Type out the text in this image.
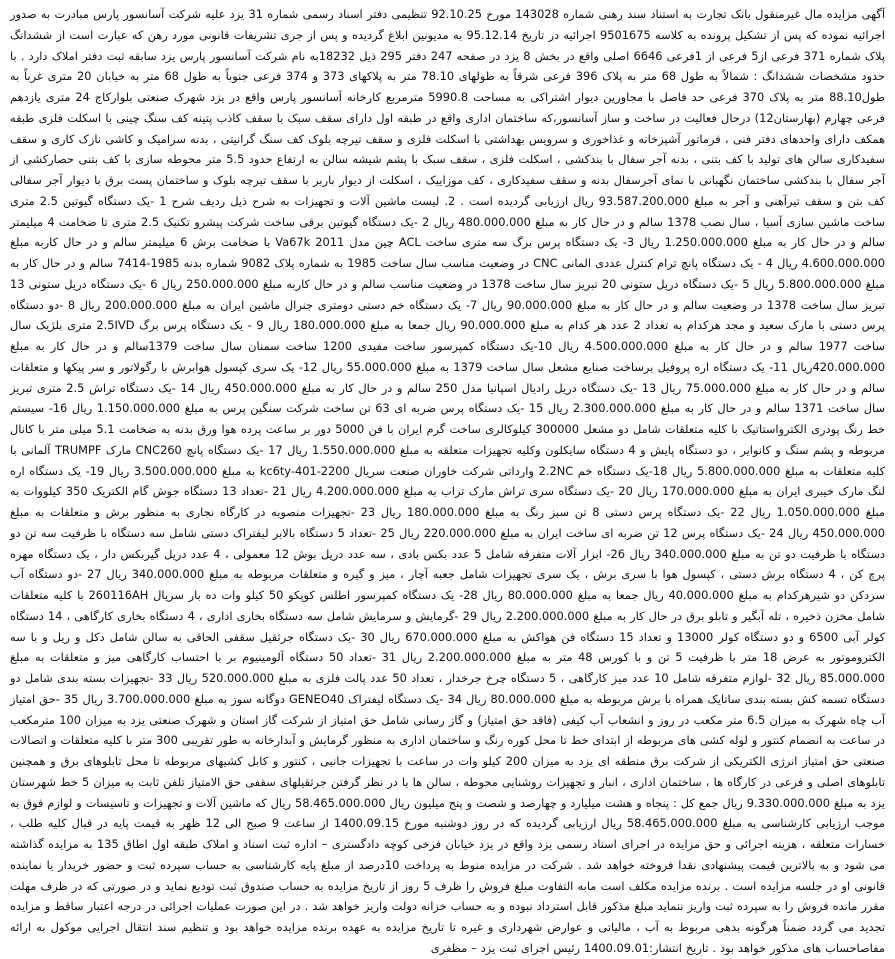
آگهی مزایده مال غیرمنقول بانک تجارت به استناد سند رهنی شماره 143028 مورخ 92.10.25 تنظیمی دفتر اسناد رسمی شماره 31 یزد علیه شرکت آسانسور پارس مبادرت به صدور اجرائیه نموده که پس از تشکیل پرونده به کلاسه 9501675 اجرائیه در تاریخ 95.12.14 به مدیونین ابلاغ گردیده و پس از جری تشریفات قانونی مورد رهن که عبارت است از ششدانگ پلاک شماره 371 فرعی از5 فرعی از 1فرعی 6646 اصلی واقع در بخش 8 یزد در صفحه 247 دفتر 295 ذیل 18232به نام شرکت آسانسور پارس یزد سابقه ثبت دفتر املاک دارد . با حدود مشخصات ششدانگ : شمالاً به طول 68 متر به پلاک 396 فرعی شرقاً به طولهای 78.10 متر به پلاکهای 373 و 374 فرعی جنوباً به طول 68 متر به خیابان 20 متری غرباً به طول88.10 متر به پلاک 370 فرعی حد فاصل با مجاورین دیوار اشتراکی به مساحت 5990.8 مترمربع کارخانه آسانسور پارس واقع در یزد شهرک صنعتی بلوارکاج 24 متری یازدهم فرعی چهارم (بهارستان12) درحال فعالیت در ساخت و ساز آسانسور،که ساختمان اداری واقع در طبقه اول دارای سقف سبک با سقف کاذب پتینه کف سنگ چینی با اسکلت فلزی طبقه همکف دارای واحدهای دفتر فنی ، فرماتور آشپزخانه و غذاخوری و سرویس بهداشتی با اسکلت فلزی و سقف تیرچه بلوک کف سنگ گرانیتی ، بدنه سرامیک و کاشی نازک کاری و سقف سفیدکاری سالن های تولید با کف بتنی ، بدنه آجر سفال با بندکشی ، اسکلت فلزی ، سقف سبک با پشم شیشه سالن به ارتفاع حدود 5.5 متر محوطه سازی با کف بتنی حصارکشی از آجر سفال با بندکشی ساختمان نگهبانی با نمای آجرسفال بدنه و سقف سفیدکاری ، کف موزاییک ، اسکلت از دیوار باربر با سقف تیرچه بلوک و ساختمان پست برق با دیوار آجر سفالی کف بتن و سقف تیرآهنی و آجر به مبلغ 93.587.200.000 ریال ارزیابی گردیده است . 2. لیست ماشین آلات و تجهیزات به شرح ذیل ردیف شرح 1 -یک دستگاه گیوتین 2.5 متری ساخت ماشین سازی آسیا ، سال نصب 1378 سالم و در حال کار به مبلغ 480.000.000 ریال 2 -یک دستگاه گیوتین برقی ساخت شرکت پیشرو تکنیک 2.5 متری تا ضخامت 4 میلیمتر سالم و در حال کار به مبلغ 1.250.000.000 ریال 3- یک دستگاه پرس برگ سه متری ساخت ACL چین مدل Va67k 2011 با ضخامت برش 6 میلیمتر سالم و در حال کاربه مبلغ 4.600.000.000 ریال 4 - یک دستگاه پانچ ترام کنترل عددی المانی CNC در وضعیت مناسب سال ساخت 1985 به شماره پلاک 9082 شماره بدنه 1985-7414 سالم و در حال کار به مبلغ 5.800.000.000 ریال 5 -یک دستگاه دریل ستونی 20 تبریز سال ساخت 1378 در وضعیت مناسب سالم و در حال کاربه مبلغ 250.000.000 ریال 6 -یک دستگاه دریل ستونی 13 تبریز سال ساخت 1378 در وضعیت سالم و در حال کار به مبلغ 90.000.000 ریال 7- یک دستگاه خم دستی دومتری جنرال ماشین ایران به مبلغ 200.000.000 ریال 8 -دو دستگاه پرس دستی با مارک سعید و مجد هرکدام به تعداد 2 عدد هر کدام به مبلغ 90.000.000 ریال جمعا به مبلغ 180.000.000 ریال 9 - یک دستگاه پرس برگ 2.5IVD متری بلژیک سال ساخت 1977 سالم و در حال کار به مبلغ 4.500.000.000 ریال 10-یک دستگاه کمپرسور ساخت مفیدی 1200 ساخت سمنان سال ساخت 1379سالم و در حال کار به مبلغ 420.000.000ریال 11- یک دستگاه اره پروفیل برساخت صنایع مشعل سال ساخت 1379 به مبلغ 55.000.000 ریال 12- یک سری کپسول هوابرش با رگولاتور و سر پیکها و متعلقات سالم و در حال کار به مبلغ 75.000.000 ریال 13 -یک دستگاه دریل رادیال اسپانیا مدل 250 سالم و در حال کار به مبلغ 450.000.000 ریال 14 -یک دستگاه تراش 2.5 متری تبریز سال ساخت 1371 سالم و در حال کار به مبلغ 2.300.000.000 ریال 15 -یک دستگاه پرس ضربه ای 63 تن ساخت شرکت سنگین پرس به مبلغ 1.150.000.000 ریال 16- سیستم خط رنگ پودری الکترواستاتیک با کلیه متعلقات شامل دو مشعل 300000 کیلوکالری ساخت گرم ایران با فن 5000 دور بر ساعت پرده هوا ورق بدنه به ضخامت 5.1 میلی متر با کانال مربوطه و پشم سنگ و کانوایر ، دو دستگاه پایش و 4 دستگاه سایکلون وکلیه تجهیزات متعلقه به مبلغ 1.550.000.000 ریال 17 -یک دستگاه پانچ CNC260 مارک TRUMPF آلمانی با کلیه متعلقات به مبلغ 5.800.000.000 ریال 18-یک دستگاه خم 2.2NC وارداتی شرکت خاوران صنعت سریال kc6ty-401-2200 به مبلغ 3.500.000.000 ریال 19- یک دستگاه اره لنگ مارک خیبری ایران به مبلغ 170.000.000 ریال 20 -یک دستگاه سری تراش مارک تراب به مبلغ 4.200.000.000 ریال 21 -تعداد 13 دستگاه جوش گام الکتریک 350 کیلووات به مبلغ 1.050.000.000 ریال 22 -یک دستگاه پرس دستی 8 تن سبز رنگ به مبلغ 180.000.000 ریال 23 -تجهیزات منصوبه در کارگاه نجاری به منظور برش و متعلقات به مبلغ 450.000.000 ریال 24 -یک دستگاه پرس 12 تن ضربه ای ساخت ایران به مبلغ 220.000.000 ریال 25 -تعداد 5 دستگاه بالابر لیفتراک دستی شامل سه دستگاه با ظرفیت سه تن دو دستگاه با ظرفیت دو تن به مبلغ 340.000.000 ریال 26- ابزار آلات متفرقه شامل 5 عدد بکس بادی ، سه عدد دریل بوش 12 معمولی ، 4 عدد دریل گیربکس دار ، یک دستگاه مهره پرچ کن ، 4 دستگاه برش دستی ، کپسول هوا با سری برش ، یک سری تجهیزات شامل جعبه آچار ، میز و گیره و متعلقات مربوطه به مبلغ 340.000.000 ریال 27 -دو دستگاه آب سردکن دو شیرهرکدام به مبلغ 40.000.000 ریال جمعا به مبلغ 80.000.000 ریال 28- یک دستگاه کمپرسور اطلس کوپکو 50 کیلو وات ده بار سریال 260116AH با کلیه متعلقات شامل مخزن ذخیره ، تله آبگیر و تابلو برق در حال کار به مبلغ 2.200.000.000 ریال 29 -گرمایش و سرمایش شامل سه دستگاه بخاری اداری ، 4 دستگاه بخاری کارگاهی ، 14 دستگاه کولر آبی 6500 و دو دستگاه کولر 13000 و تعداد 15 دستگاه فن هواکش به مبلغ 670.000.000 ریال 30 -یک دستگاه جرثقیل سقفی الحاقی به سالن شامل دکل و ریل و با سه الکتروموتور به عرض 18 متر با ظرفیت 5 تن و با کورس 48 متر به مبلغ 2.200.000.000 ریال 31 -تعداد 50 دستگاه آلومینیوم بر با احتساب کارگاهی میز و متعلقات به مبلغ 85.000.000 ریال 32 -لوازم متفرقه شامل 10 عدد میز کارگاهی ، 5 دستگاه چرخ جرخدار ، تعداد 50 عدد پالت فلزی به مبلغ 520.000.000 ریال 33 -تجهیزات بسته بندی شامل دو دستگاه تسمه کش بسته بندی ساتایک همراه با برش مربوطه به مبلغ 80.000.000 ریال 34 -یک دستگاه لیفتراک GENEO40 دوگانه سوز به مبلغ 3.700.000.000 ریال 35 -حق امتیاز آب چاه شهرک به میزان 6.5 متر مکعب در روز و انشعاب آب کیفی (فاقد حق امتیاز) و گاز رسانی شامل حق امتیاز از شرکت گاز استان و شهرک صنعتی یزد به میزان 100 مترمکعب در ساعت به انضمام کنتور و لوله کشی های مربوطه از ابتدای خط تا محل کوره رنگ و ساختمان اداری به منظور گرمایش و آبدارخانه به طور تقریبی 300 متر با کلیه متعلقات و اتصالات صنعتی حق امتیاز انرژی الکتریکی از شرکت برق منطقه ای یزد به میزان 200 کیلو وات در ساعت با تجهیزات جانبی ، کنتور و کابل کشیهای مربوطه تا محل تابلوهای برق و همچنین تابلوهای اصلی و فرعی در کارگاه ها ، ساختمان اداری ، انبار و تجهیزات روشنایی محوطه ، سالن ها با در نظر گرفتن جرثقیلهای سقفی حق الامتیاز تلفن ثابت به میزان 5 خط شهرستان یزد به مبلغ 9.330.000.000 ریال جمع کل : پنجاه و هشت میلیارد و چهارصد و شصت و پنج میلیون ریال 58.465.000.000 ریال که ماشین آلات و تجهیزات و تاسیسات و لوازم فوق به موجب ارزیابی کارشناسی به مبلغ 58.465.000.000 ریال ارزیابی گردیده که در روز دوشنبه مورخ 1400.09.15 از ساعت 9 صبح الی 12 ظهر به قیمت پایه در قبال کلیه طلب ، خسارات متعلقه ، هزینه اجرائی و حق مزایده در اجرای اسناد رسمی یزد واقع در یزد خیابان فرخی کوچه دادگستری – اداره ثبت اسناد و املاک طبقه اول اطاق 135 به مزایده گذاشته می شود و به بالاترین قیمت پیشنهادی نقدا فروخته خواهد شد . شرکت در مزایده منوط به پرداخت 10درصد از مبلغ پایه کارشناسی به حساب سپرده ثبت و حضور خریدار یا نماینده قانونی او در جلسه مزایده است . برنده مزایده مکلف است مابه التفاوت مبلغ فروش را ظرف 5 روز از تاریخ مزایده به حساب صندوق ثبت تودیع نماید و در صورتی که در ظرف مهلت مقرر مانده فروش را به سپرده ثبت واریز ننماید مبلغ مذکور قابل استرداد نبوده و به حساب خزانه دولت واریز خواهد شد . در این صورت عملیات اجرائی در درجه اعتبار ساقط و مزایده تجدید می گردد ضمناً هرگونه بدهی مربوط به آب ، مالیاتی و عوارض شهرداری و غیره تا تاریخ مزایده به عهده برنده مزایده خواهد بود و تنظیم سند انتقال اجرایی موکول به ارائه مفاصاحساب های مذکور خواهد بود . تاریخ انتشار:1400.09.01 رئیس اجرای ثبت یزد – مظفری
